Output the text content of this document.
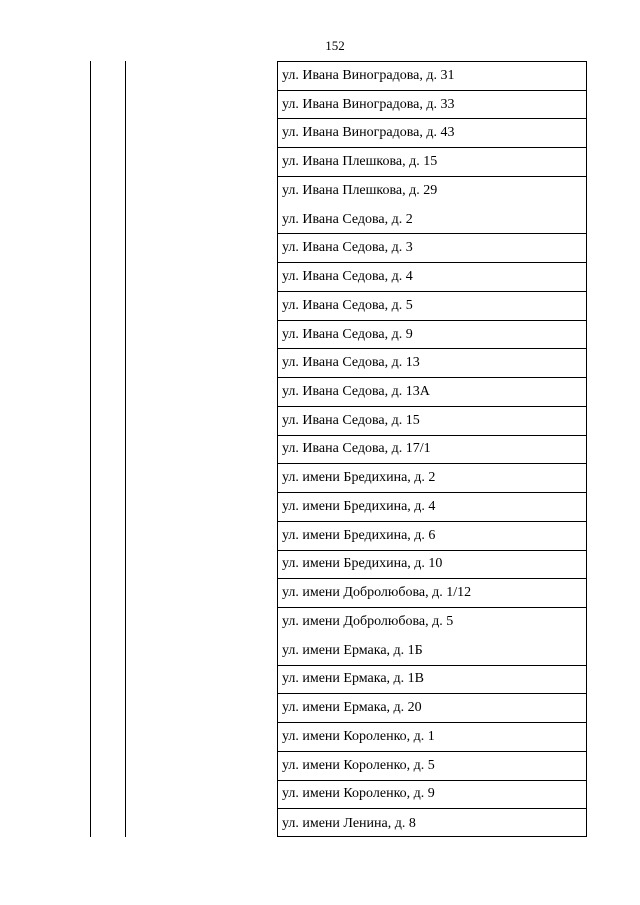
152
ул. Ивана Виноградова, д. 31
ул. Ивана Виноградова, д. 33
ул. Ивана Виноградова, д. 43
ул. Ивана Плешкова, д. 15
ул. Ивана Плешкова, д. 29
ул. Ивана Седова, д. 2
ул. Ивана Седова, д. 3
ул. Ивана Седова, д. 4
ул. Ивана Седова, д. 5
ул. Ивана Седова, д. 9
ул. Ивана Седова, д. 13
ул. Ивана Седова, д. 13А
ул. Ивана Седова, д. 15
ул. Ивана Седова, д. 17/1
ул. имени Бредихина, д. 2
ул. имени Бредихина, д. 4
ул. имени Бредихина, д. 6
ул. имени Бредихина, д. 10
ул. имени Добролюбова, д. 1/12
ул. имени Добролюбова, д. 5
ул. имени Ермака, д. 1Б
ул. имени Ермака, д. 1В
ул. имени Ермака, д. 20
ул. имени Короленко, д. 1
ул. имени Короленко, д. 5
ул. имени Короленко, д. 9
ул. имени Ленина, д. 8
